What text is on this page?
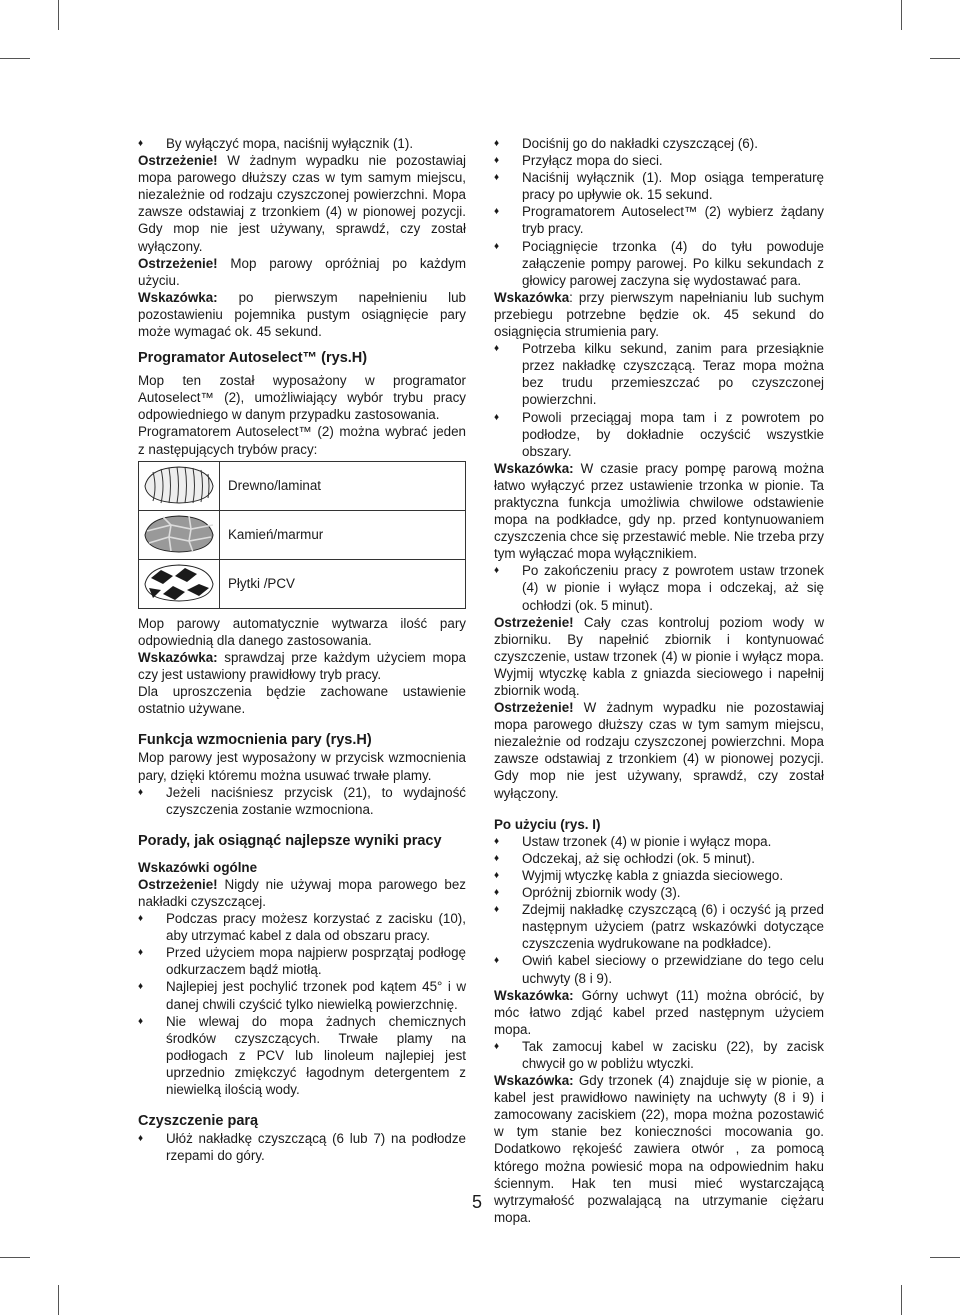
♦ By wyłączyć mopa, naciśnij wyłącznik (1).

Ostrzeżenie! W żadnym wypadku nie pozostawiaj mopa parowego dłuższy czas w tym samym miejscu, niezależnie od rodzaju czyszczonej powierzchni. Mopa zawsze odstawiaj z trzonkiem (4) w pionowej pozycji. Gdy mop nie jest używany, sprawdź, czy został wyłączony.

Ostrzeżenie! Mop parowy opróżniaj po każdym użyciu.

Wskazówka: po pierwszym napełnieniu lub pozostawieniu pojemnika pustym osiągnięcie pary może wymagać ok. 45 sekund.

Programator Autoselect™ (rys.H)

Mop ten został wyposażony w programator Autoselect™ (2), umożliwiający wybór trybu pracy odpowiedniego w danym przypadku zastosowania.

Programatorem Autoselect™ (2) można wybrać jeden z następujących trybów pracy:

	Drewno/laminat
	Kamień/marmur
	Płytki /PCV

Mop parowy automatycznie wytwarza ilość pary odpowiednią dla danego zastosowania.

Wskazówka: sprawdzaj prze każdym użyciem mopa czy jest ustawiony prawidłowy tryb pracy.

Dla uproszczenia będzie zachowane ustawienie ostatnio używane.

Funkcja wzmocnienia pary (rys.H)

Mop parowy jest wyposażony w przycisk wzmocnienia pary, dzięki któremu można usuwać trwałe plamy.

♦ Jeżeli naciśniesz przycisk (21), to wydajność czyszczenia zostanie wzmocniona.
Porady, jak osiągnąć najlepsze wyniki pracy
Wskazówki ogólne

Ostrzeżenie! Nigdy nie używaj mopa parowego bez nakładki czyszczącej.

♦ Podczas pracy możesz korzystać z zacisku (10), aby utrzymać kabel z dala od obszaru pracy.
♦ Przed użyciem mopa najpierw posprzątaj podłogę odkurzaczem bądź miotłą.
♦ Najlepiej jest pochylić trzonek pod kątem 45° i w danej chwili czyścić tylko niewielką powierzchnię.
♦ Nie wlewaj do mopa żadnych chemicznych środków czyszczących. Trwałe plamy na podłogach z PCV lub linoleum najlepiej jest uprzednio zmiękczyć łagodnym detergentem z niewielką ilością wody.
Czyszczenie parą
♦ Ułóż nakładkę czyszczącą (6 lub 7) na podłodze rzepami do góry.
♦ Dociśnij go do nakładki czyszczącej (6).
♦ Przyłącz mopa do sieci.
♦ Naciśnij wyłącznik (1). Mop osiąga temperaturę pracy po upływie ok. 15 sekund.
♦ Programatorem Autoselect™ (2) wybierz żądany tryb pracy.
♦ Pociągnięcie trzonka (4) do tyłu powoduje załączenie pompy parowej. Po kilku sekundach z głowicy parowej zaczyna się wydostawać para.

Wskazówka: przy pierwszym napełnianiu lub suchym przebiegu potrzebne będzie ok. 45 sekund do osiągnięcia strumienia pary.

♦ Potrzeba kilku sekund, zanim para przesiąknie przez nakładkę czyszczącą. Teraz mopa można bez trudu przemieszczać po czyszczonej powierzchni.
♦ Powoli przeciągaj mopa tam i z powrotem po podłodze, by dokładnie oczyścić wszystkie obszary.

Wskazówka: W czasie pracy pompę parową można łatwo wyłączyć przez ustawienie trzonka w pionie. Ta praktyczna funkcja umożliwia chwilowe odstawienie mopa na podkładce, gdy np. przed kontynuowaniem czyszczenia chce się przestawić meble. Nie trzeba przy tym wyłączać mopa wyłącznikiem.

♦ Po zakończeniu pracy z powrotem ustaw trzonek (4) w pionie i wyłącz mopa i odczekaj, aż się ochłodzi (ok. 5 minut).

Ostrzeżenie! Cały czas kontroluj poziom wody w zbiorniku. By napełnić zbiornik i kontynuować czyszczenie, ustaw trzonek (4) w pionie i wyłącz mopa. Wyjmij wtyczkę kabla z gniazda sieciowego i napełnij zbiornik wodą.

Ostrzeżenie! W żadnym wypadku nie pozostawiaj mopa parowego dłuższy czas w tym samym miejscu, niezależnie od rodzaju czyszczonej powierzchni. Mopa zawsze odstawiaj z trzonkiem (4) w pionowej pozycji. Gdy mop nie jest używany, sprawdź, czy został wyłączony.

Po użyciu (rys. I)
♦ Ustaw trzonek (4) w pionie i wyłącz mopa.
♦ Odczekaj, aż się ochłodzi (ok. 5 minut).
♦ Wyjmij wtyczkę kabla z gniazda sieciowego.
♦ Opróżnij zbiornik wody (3).
♦ Zdejmij nakładkę czyszczącą (6) i oczyść ją przed następnym użyciem (patrz wskazówki dotyczące czyszczenia wydrukowane na podkładce).
♦ Owiń kabel sieciowy o przewidziane do tego celu uchwyty (8 i 9).

Wskazówka: Górny uchwyt (11) można obrócić, by móc łatwo zdjąć kabel przed następnym użyciem mopa.

♦ Tak zamocuj kabel w zacisku (22), by zacisk chwycił go w pobliżu wtyczki.

Wskazówka: Gdy trzonek (4) znajduje się w pionie, a kabel jest prawidłowo nawinięty na uchwyty (8 i 9) i zamocowany zaciskiem (22), mopa można pozostawić w tym stanie bez konieczności mocowania go. Dodatkowo rękojeść zawiera otwór , za pomocą którego można powiesić mopa na odpowiednim haku ściennym. Hak ten musi mieć wystarczającą wytrzymałość pozwalającą na utrzymanie ciężaru mopa.

5
